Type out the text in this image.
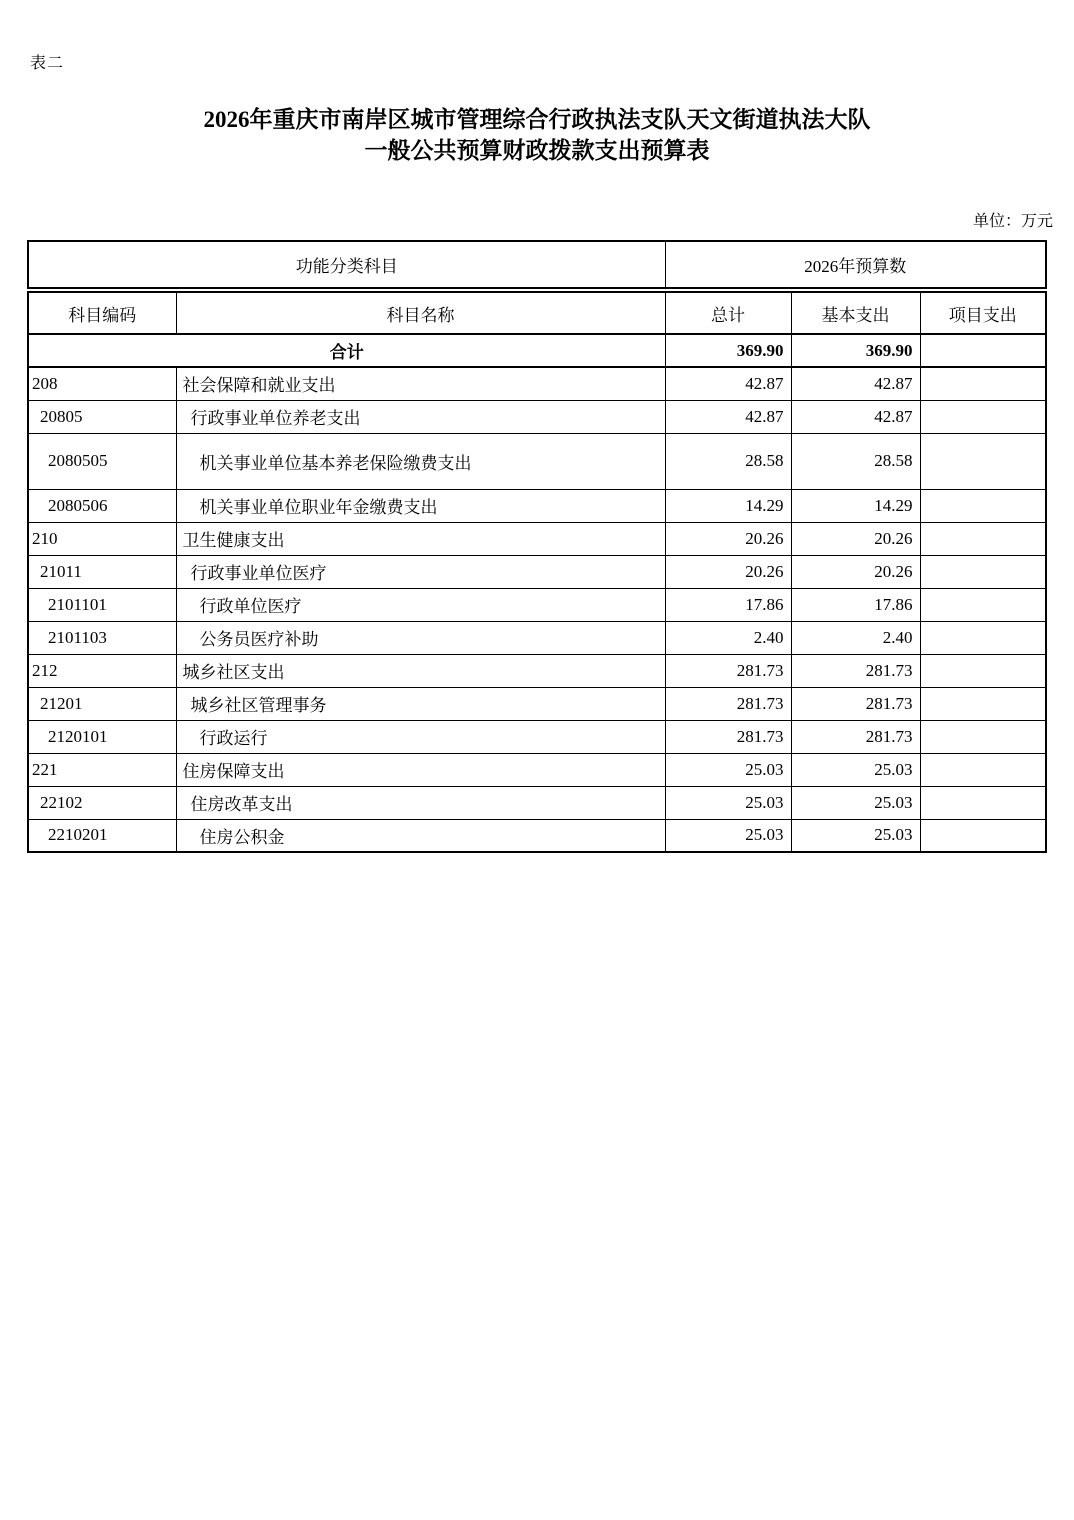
表二
2026年重庆市南岸区城市管理综合行政执法支队天文街道执法大队
一般公共预算财政拨款支出预算表
单位：万元
功能分类科目		2026年预算数		
科目编码	科目名称	总计	基本支出	项目支出
合计		369.90	369.90	
208	社会保障和就业支出	42.87	42.87	
20805	行政事业单位养老支出	42.87	42.87	
2080505	机关事业单位基本养老保险缴费支出	28.58	28.58	
2080506	机关事业单位职业年金缴费支出	14.29	14.29	
210	卫生健康支出	20.26	20.26	
21011	行政事业单位医疗	20.26	20.26	
2101101	行政单位医疗	17.86	17.86	
2101103	公务员医疗补助	2.40	2.40	
212	城乡社区支出	281.73	281.73	
21201	城乡社区管理事务	281.73	281.73	
2120101	行政运行	281.73	281.73	
221	住房保障支出	25.03	25.03	
22102	住房改革支出	25.03	25.03	
2210201	住房公积金	25.03	25.03	
